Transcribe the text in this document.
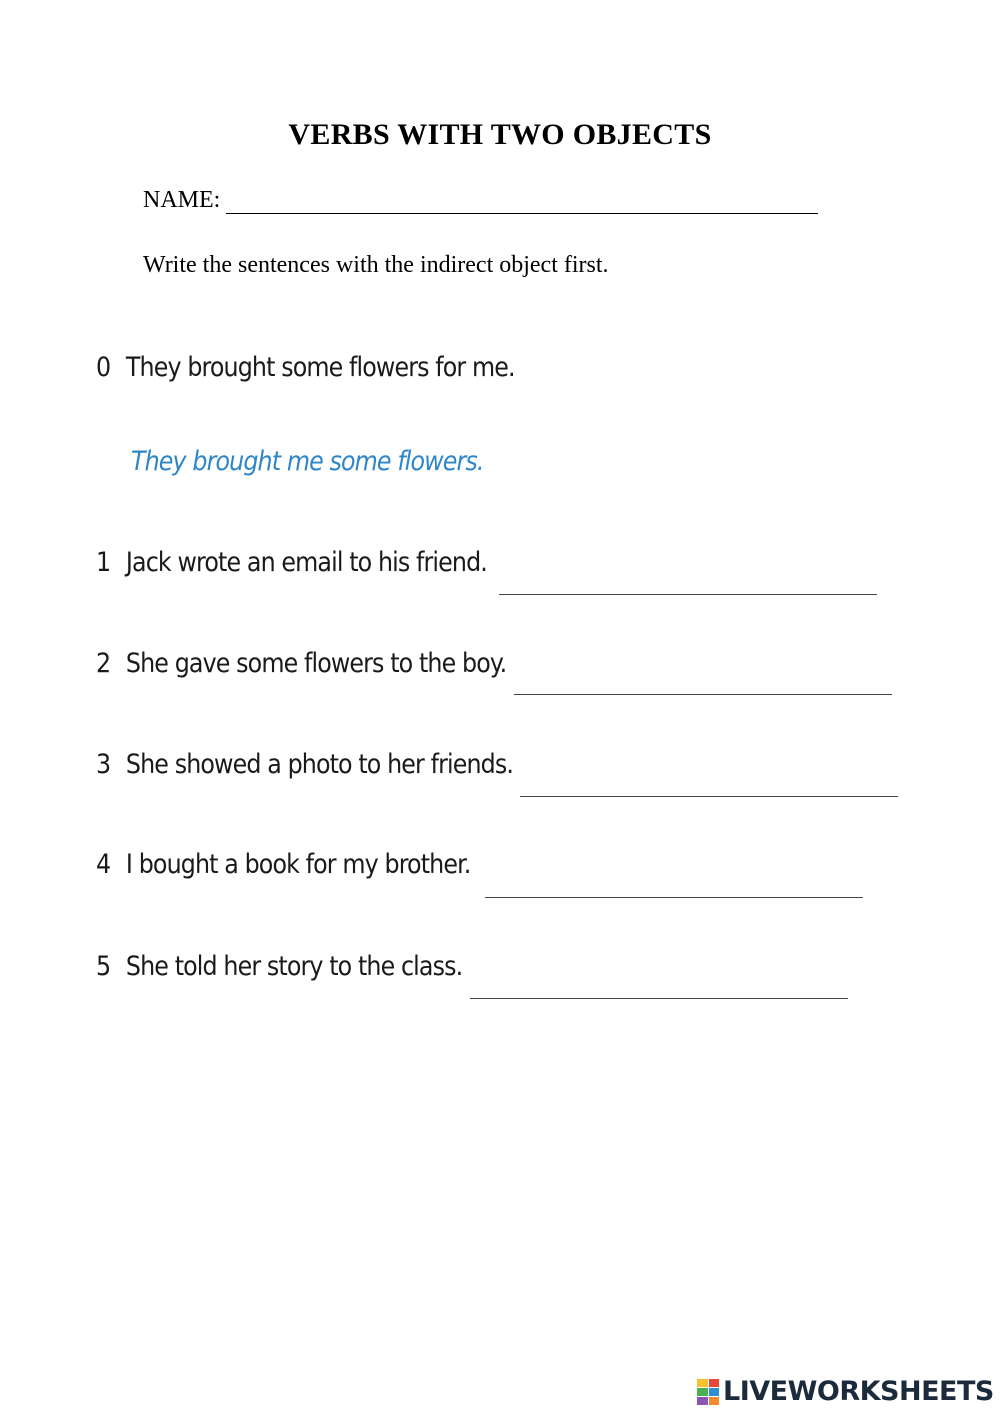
VERBS WITH TWO OBJECTS
NAME:
Write the sentences with the indirect object first.
0 They brought some flowers for me.
They brought me some flowers.
1 Jack wrote an email to his friend.
2 She gave some flowers to the boy.
3 She showed a photo to her friends.
4 I bought a book for my brother.
5 She told her story to the class.
LIVEWORKSHEETS
